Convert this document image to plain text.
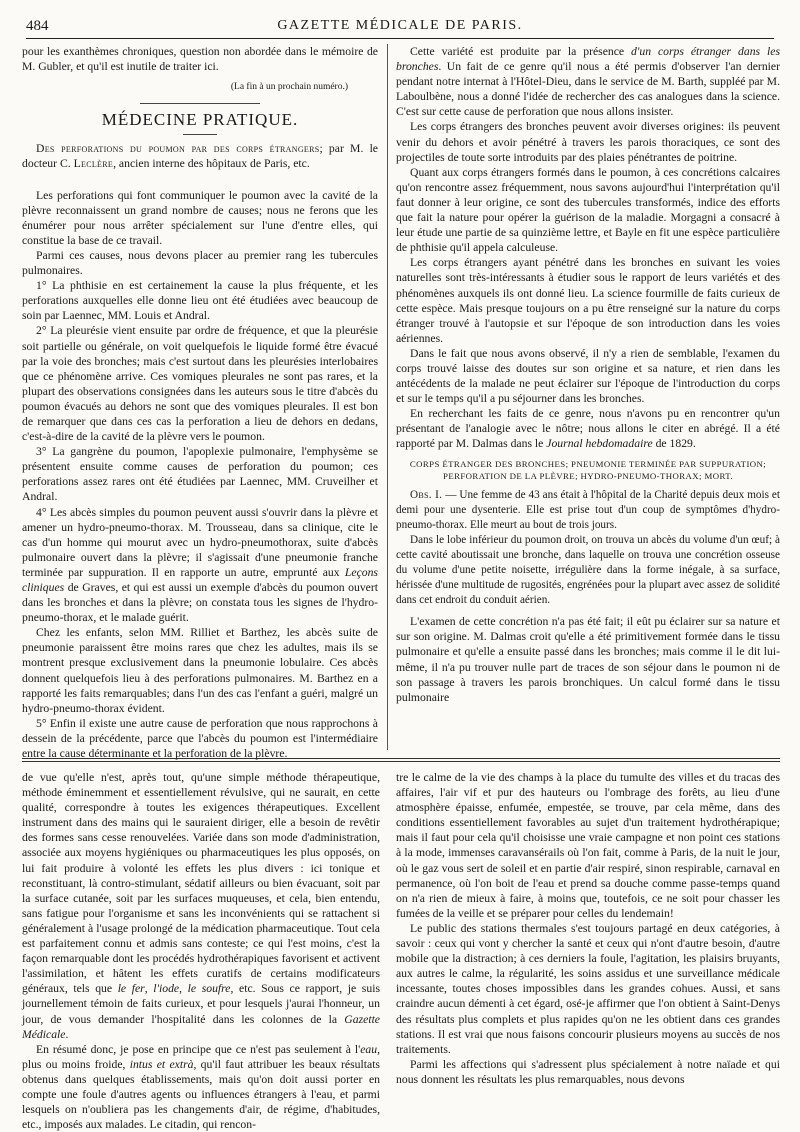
484	GAZETTE MÉDICALE DE PARIS.

pour les exanthèmes chroniques, question non abordée dans le mémoire de M. Gubler, et qu'il est inutile de traiter ici.

(La fin à un prochain numéro.)
MÉDECINE PRATIQUE.

Des perforations du poumon par des corps étrangers; par M. le docteur C. Leclère, ancien interne des hôpitaux de Paris, etc.

Les perforations qui font communiquer le poumon avec la cavité de la plèvre reconnaissent un grand nombre de causes; nous ne ferons que les énumérer pour nous arrêter spécialement sur l'une d'entre elles, qui constitue la base de ce travail.

Parmi ces causes, nous devons placer au premier rang les tubercules pulmonaires.

1° La phthisie en est certainement la cause la plus fréquente, et les perforations auxquelles elle donne lieu ont été étudiées avec beaucoup de soin par Laennec, MM. Louis et Andral.

2° La pleurésie vient ensuite par ordre de fréquence, et que la pleurésie soit partielle ou générale, on voit quelquefois le liquide formé être évacué par la voie des bronches; mais c'est surtout dans les pleurésies interlobaires que ce phénomène arrive. Ces vomiques pleurales ne sont pas rares, et la plupart des observations consignées dans les auteurs sous le titre d'abcès du poumon évacués au dehors ne sont que des vomiques pleurales. Il est bon de remarquer que dans ces cas la perforation a lieu de dehors en dedans, c'est-à-dire de la cavité de la plèvre vers le poumon.

3° La gangrène du poumon, l'apoplexie pulmonaire, l'emphysème se présentent ensuite comme causes de perforation du poumon; ces perforations assez rares ont été étudiées par Laennec, MM. Cruveilher et Andral.

4° Les abcès simples du poumon peuvent aussi s'ouvrir dans la plèvre et amener un hydro-pneumo-thorax. M. Trousseau, dans sa clinique, cite le cas d'un homme qui mourut avec un hydro-pneumothorax, suite d'abcès pulmonaire ouvert dans la plèvre; il s'agissait d'une pneumonie franche terminée par suppuration. Il en rapporte un autre, emprunté aux Leçons cliniques de Graves, et qui est aussi un exemple d'abcès du poumon ouvert dans les bronches et dans la plèvre; on constata tous les signes de l'hydro-pneumo-thorax, et le malade guérit.

Chez les enfants, selon MM. Rilliet et Barthez, les abcès suite de pneumonie paraissent être moins rares que chez les adultes, mais ils se montrent presque exclusivement dans la pneumonie lobulaire. Ces abcès donnent quelquefois lieu à des perforations pulmonaires. M. Barthez en a rapporté les faits remarquables; dans l'un des cas l'enfant a guéri, malgré un hydro-pneumo-thorax évident.

5° Enfin il existe une autre cause de perforation que nous rapprochons à dessein de la précédente, parce que l'abcès du poumon est l'intermédiaire entre la cause déterminante et la perforation de la plèvre.

Cette variété est produite par la présence d'un corps étranger dans les bronches. Un fait de ce genre qu'il nous a été permis d'observer l'an dernier pendant notre internat à l'Hôtel-Dieu, dans le service de M. Barth, suppléé par M. Laboulbène, nous a donné l'idée de rechercher des cas analogues dans la science. C'est sur cette cause de perforation que nous allons insister.

Les corps étrangers des bronches peuvent avoir diverses origines: ils peuvent venir du dehors et avoir pénétré à travers les parois thoraciques, ce sont des projectiles de toute sorte introduits par des plaies pénétrantes de poitrine.

Quant aux corps étrangers formés dans le poumon, à ces concrétions calcaires qu'on rencontre assez fréquemment, nous savons aujourd'hui l'interprétation qu'il faut donner à leur origine, ce sont des tubercules transformés, indice des efforts que fait la nature pour opérer la guérison de la maladie. Morgagni a consacré à leur étude une partie de sa quinzième lettre, et Bayle en fit une espèce particulière de phthisie qu'il appela calculeuse.

Les corps étrangers ayant pénétré dans les bronches en suivant les voies naturelles sont très-intéressants à étudier sous le rapport de leurs variétés et des phénomènes auxquels ils ont donné lieu. La science fourmille de faits curieux de cette espèce. Mais presque toujours on a pu être renseigné sur la nature du corps étranger trouvé à l'autopsie et sur l'époque de son introduction dans les voies aériennes.

Dans le fait que nous avons observé, il n'y a rien de semblable, l'examen du corps trouvé laisse des doutes sur son origine et sa nature, et rien dans les antécédents de la malade ne peut éclairer sur l'époque de l'introduction du corps et sur le temps qu'il a pu séjourner dans les bronches.

En recherchant les faits de ce genre, nous n'avons pu en rencontrer qu'un présentant de l'analogie avec le nôtre; nous allons le citer en abrégé. Il a été rapporté par M. Dalmas dans le Journal hebdomadaire de 1829.

CORPS ÉTRANGER DES BRONCHES; PNEUMONIE TERMINÉE PAR SUPPURATION; PERFORATION DE LA PLÈVRE; HYDRO-PNEUMO-THORAX; MORT.

Obs. I. — Une femme de 43 ans était à l'hôpital de la Charité depuis deux mois et demi pour une dysenterie. Elle est prise tout d'un coup de symptômes d'hydro-pneumo-thorax. Elle meurt au bout de trois jours.

Dans le lobe inférieur du poumon droit, on trouva un abcès du volume d'un œuf; à cette cavité aboutissait une bronche, dans laquelle on trouva une concrétion osseuse du volume d'une petite noisette, irrégulière dans la forme inégale, à sa surface, hérissée d'une multitude de rugosités, engrénées pour la plupart avec assez de solidité dans cet endroit du conduit aérien.

L'examen de cette concrétion n'a pas été fait; il eût pu éclairer sur sa nature et sur son origine. M. Dalmas croit qu'elle a été primitivement formée dans le tissu pulmonaire et qu'elle a ensuite passé dans les bronches; mais comme il le dit lui-même, il n'a pu trouver nulle part de traces de son séjour dans le poumon ni de son passage à travers les parois bronchiques. Un calcul formé dans le tissu pulmonaire

de vue qu'elle n'est, après tout, qu'une simple méthode thérapeutique, méthode éminemment et essentiellement révulsive, qui ne saurait, en cette qualité, correspondre à toutes les exigences thérapeutiques. Excellent instrument dans des mains qui le sauraient diriger, elle a besoin de revêtir des formes sans cesse renouvelées. Variée dans son mode d'administration, associée aux moyens hygiéniques ou pharmaceutiques les plus opposés, on lui fait produire à volonté les effets les plus divers : ici tonique et reconstituant, là contro-stimulant, sédatif ailleurs ou bien évacuant, soit par la surface cutanée, soit par les surfaces muqueuses, et cela, bien entendu, sans fatigue pour l'organisme et sans les inconvénients qui se rattachent si généralement à l'usage prolongé de la médication pharmaceutique. Tout cela est parfaitement connu et admis sans conteste; ce qui l'est moins, c'est la façon remarquable dont les procédés hydrothérapiques favorisent et activent l'assimilation, et hâtent les effets curatifs de certains modificateurs généraux, tels que le fer, l'iode, le soufre, etc. Sous ce rapport, je suis journellement témoin de faits curieux, et pour lesquels j'aurai l'honneur, un jour, de vous demander l'hospitalité dans les colonnes de la Gazette Médicale.

En résumé donc, je pose en principe que ce n'est pas seulement à l'eau, plus ou moins froide, intus et extrà, qu'il faut attribuer les beaux résultats obtenus dans quelques établissements, mais qu'on doit aussi porter en compte une foule d'autres agents ou influences étrangers à l'eau, et parmi lesquels on n'oubliera pas les changements d'air, de régime, d'habitudes, etc., imposés aux malades. Le citadin, qui rencon-

tre le calme de la vie des champs à la place du tumulte des villes et du tracas des affaires, l'air vif et pur des hauteurs ou l'ombrage des forêts, au lieu d'une atmosphère épaisse, enfumée, empestée, se trouve, par cela même, dans des conditions essentiellement favorables au sujet d'un traitement hydrothérapique; mais il faut pour cela qu'il choisisse une vraie campagne et non point ces stations à la mode, immenses caravansérails où l'on fait, comme à Paris, de la nuit le jour, où le gaz vous sert de soleil et en partie d'air respiré, sinon respirable, carnaval en permanence, où l'on boit de l'eau et prend sa douche comme passe-temps quand on n'a rien de mieux à faire, à moins que, toutefois, ce ne soit pour chasser les fumées de la veille et se préparer pour celles du lendemain!

Le public des stations thermales s'est toujours partagé en deux catégories, à savoir : ceux qui vont y chercher la santé et ceux qui n'ont d'autre besoin, d'autre mobile que la distraction; à ces derniers la foule, l'agitation, les plaisirs bruyants, aux autres le calme, la régularité, les soins assidus et une surveillance médicale incessante, toutes choses impossibles dans les grandes cohues. Aussi, et sans craindre aucun démenti à cet égard, osé-je affirmer que l'on obtient à Saint-Denys des résultats plus complets et plus rapides qu'on ne les obtient dans ces grandes stations. Il est vrai que nous faisons concourir plusieurs moyens au succès de nos traitements.

Parmi les affections qui s'adressent plus spécialement à notre naïade et qui nous donnent les résultats les plus remarquables, nous devons
